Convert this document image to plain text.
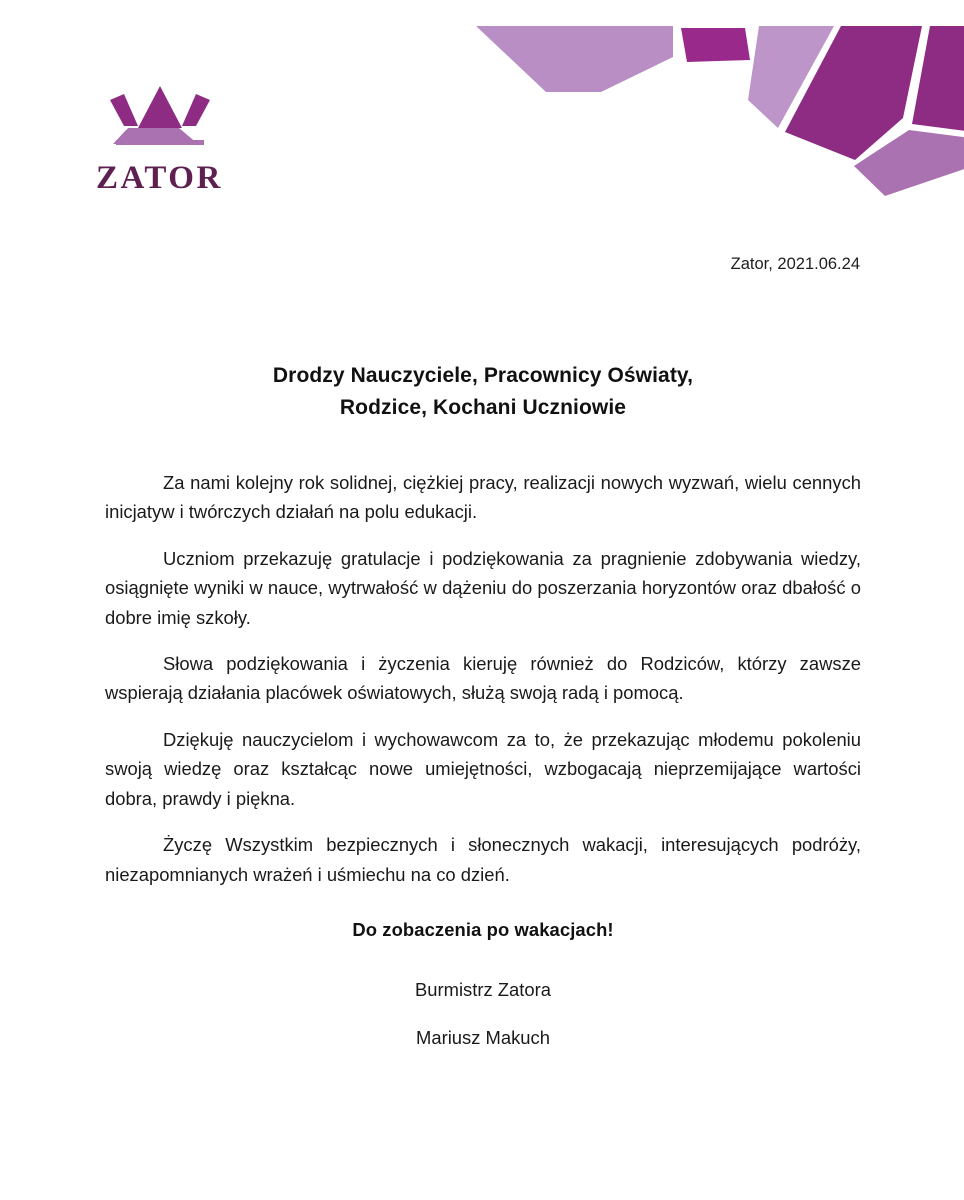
ZATOR
Zator, 2021.06.24
Drodzy Nauczyciele, Pracownicy Oświaty,
Rodzice, Kochani Uczniowie

Za nami kolejny rok solidnej, ciężkiej pracy, realizacji nowych wyzwań, wielu cennych inicjatyw i twórczych działań na polu edukacji.

Uczniom przekazuję gratulacje i podziękowania za pragnienie zdobywania wiedzy, osiągnięte wyniki w nauce, wytrwałość w dążeniu do poszerzania horyzontów oraz dbałość o dobre imię szkoły.

Słowa podziękowania i życzenia kieruję również do Rodziców, którzy zawsze wspierają działania placówek oświatowych, służą swoją radą i pomocą.

Dziękuję nauczycielom i wychowawcom za to, że przekazując młodemu pokoleniu swoją wiedzę oraz kształcąc nowe umiejętności, wzbogacają nieprzemijające wartości dobra, prawdy i piękna.

Życzę Wszystkim bezpiecznych i słonecznych wakacji, interesujących podróży, niezapomnianych wrażeń i uśmiechu na co dzień.

Do zobaczenia po wakacjach!

Burmistrz Zatora
Mariusz Makuch
